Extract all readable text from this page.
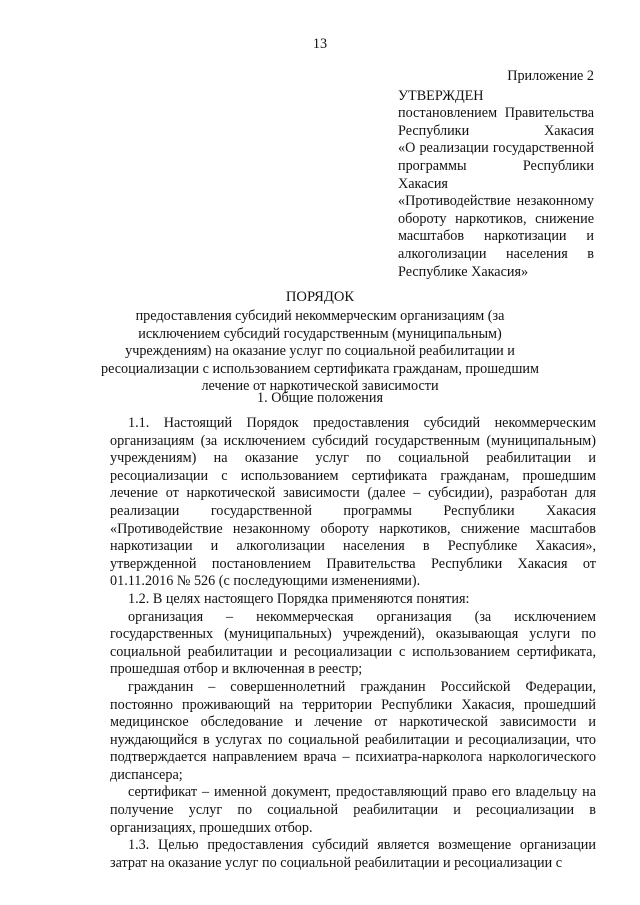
13
Приложение 2
УТВЕРЖДЕН
постановлением Правительства
Республики Хакасия
«О реализации государственной
программы Республики Хакасия
«Противодействие незаконному
обороту наркотиков, снижение
масштабов наркотизации и
алкоголизации населения в
Республике Хакасия»
ПОРЯДОК
предоставления субсидий некоммерческим организациям (за исключением субсидий государственным (муниципальным) учреждениям) на оказание услуг по социальной реабилитации и ресоциализации с использованием сертификата гражданам, прошедшим лечение от наркотической зависимости
1. Общие положения

1.1. Настоящий Порядок предоставления субсидий некоммерческим организациям (за исключением субсидий государственным (муниципальным) учреждениям) на оказание услуг по социальной реабилитации и ресоциализации с использованием сертификата гражданам, прошедшим лечение от наркотической зависимости (далее – субсидии), разработан для реализации государственной программы Республики Хакасия «Противодействие незаконному обороту наркотиков, снижение масштабов наркотизации и алкоголизации населения в Республике Хакасия», утвержденной постановлением Правительства Республики Хакасия от 01.11.2016 № 526 (с последующими изменениями).

1.2. В целях настоящего Порядка применяются понятия:

организация – некоммерческая организация (за исключением государственных (муниципальных) учреждений), оказывающая услуги по социальной реабилитации и ресоциализации с использованием сертификата, прошедшая отбор и включенная в реестр;

гражданин – совершеннолетний гражданин Российской Федерации, постоянно проживающий на территории Республики Хакасия, прошедший медицинское обследование и лечение от наркотической зависимости и нуждающийся в услугах по социальной реабилитации и ресоциализации, что подтверждается направлением врача – психиатра-нарколога наркологического диспансера;

сертификат – именной документ, предоставляющий право его владельцу на получение услуг по социальной реабилитации и ресоциализации в организациях, прошедших отбор.

1.3. Целью предоставления субсидий является возмещение организации затрат на оказание услуг по социальной реабилитации и ресоциализации с
